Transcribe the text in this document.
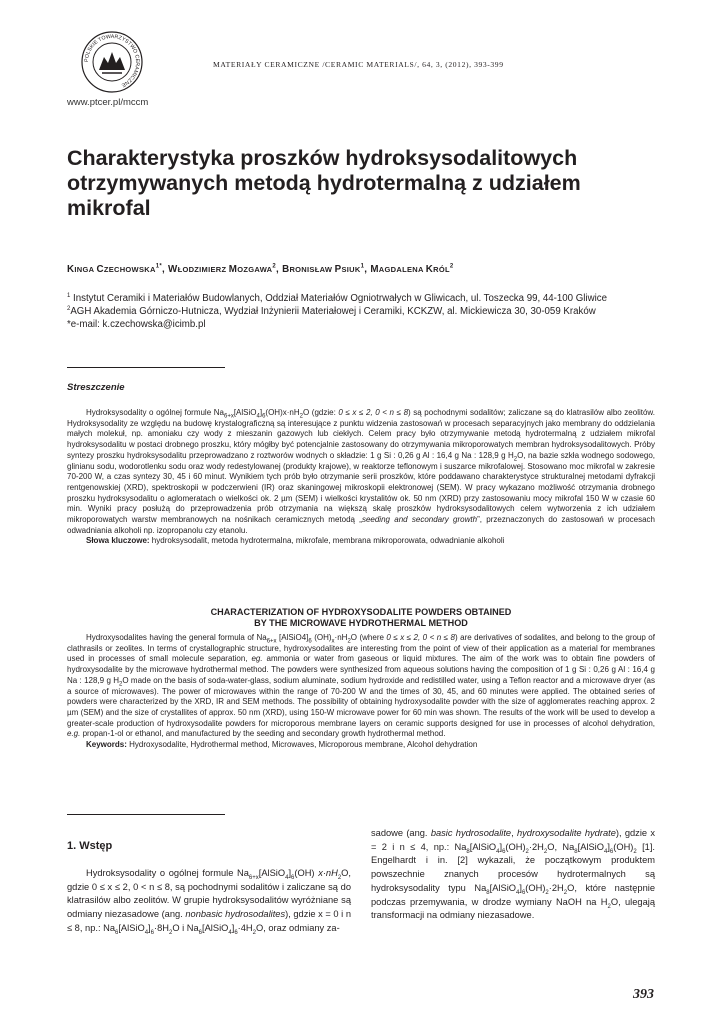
POLSKIE TOWARZYSTWO CERAMICZNE
www.ptcer.pl/mccm
MATERIAŁY CERAMICZNE /CERAMIC MATERIALS/, 64, 3, (2012), 393-399
Charakterystyka proszków hydroksysodalitowych otrzymywanych metodą hydrotermalną z udziałem mikrofal
KINGA $CZECHOWSKA^{1*}$, WŁODZIMIERZ MOZGAWA$^2$, BRONISŁAW PSIUK$^1$, MAGDALENA KRÓL$^2$

$^1$ Instytut Ceramiki i Materiałów Budowlanych, Oddział Materiałów Ogniotrwałych w Gliwicach, ul. Toszecka 99, 44-100 Gliwice

$^2$AGH Akademia Górniczo-Hutnicza, Wydział Inżynierii Materiałowej i Ceramiki, KCKZW, al. Mickiewicza 30, 30-059 Kraków

*e-mail: k.czechowska@icimb.pl

Streszczenie

Hydroksysodality o ogólnej formule $Na_{6+x}[AlSiO_4]_6(OH)x\cdot nH_2O$ (gdzie: 0 ≤ x ≤ 2, 0 < n ≤ 8) są pochodnymi sodalitów; zaliczane są do klatrasilów albo zeolitów. Hydroksysodality ze względu na budowę krystalograficzną są interesujące z punktu widzenia zastosowań w procesach separacyjnych jako membrany do oddzielania małych molekuł, np. amoniaku czy wody z mieszanin gazowych lub ciekłych. Celem pracy było otrzymywanie metodą hydrotermalną z udziałem mikrofal hydroksysodalitu w postaci drobnego proszku, który mógłby być potencjalnie zastosowany do otrzymywania mikroporowatych membran hydroksysodalitowych. Próby syntezy proszku hydroksysodalitu przeprowadzano z roztworów wodnych o składzie: 1 g Si : 0,26 g Al : 16,4 g Na : 128,9 g $H_2O$, na bazie szkła wodnego sodowego, glinianu sodu, wodorotlenku sodu oraz wody redestylowanej (produkty krajowe), w reaktorze teflonowym i suszarce mikrofalowej. Stosowano moc mikrofal w zakresie 70-200 W, a czas syntezy 30, 45 i 60 minut. Wynikiem tych prób było otrzymanie serii proszków, które poddawano charakterystyce strukturalnej metodami dyfrakcji rentgenowskiej (XRD), spektroskopii w podczerwieni (IR) oraz skaningowej mikroskopii elektronowej (SEM). W pracy wykazano możliwość otrzymania drobnego proszku hydroksysodalitu o aglomeratach o wielkości ok. 2 µm (SEM) i wielkości krystalitów ok. 50 nm (XRD) przy zastosowaniu mocy mikrofal 150 W w czasie 60 min. Wyniki pracy posłużą do przeprowadzenia prób otrzymania na większą skalę proszków hydroksysodalitowych celem wytworzenia z ich udziałem mikroporowatych warstw membranowych na nośnikach ceramicznych metodą „seeding and secondary growth”, przeznaczonych do zastosowań w procesach odwadniania alkoholi np. izopropanolu czy etanolu.

Słowa kluczowe: hydroksysodalit, metoda hydrotermalna, mikrofale, membrana mikroporowata, odwadnianie alkoholi

CHARACTERIZATION OF HYDROXYSODALITE POWDERS OBTAINED
BY THE MICROWAVE HYDROTHERMAL METHOD

Hydroxysodalites having the general formula of $Na_{6+x}$ $[AlSiO4]_6$ $(OH)_x\cdot nH_2O$ (where 0 ≤ x ≤ 2, 0 < n ≤ 8) are derivatives of sodalites, and belong to the group of clathrasils or zeolites. In terms of crystallographic structure, hydroxysodalites are interesting from the point of view of their application as a material for membranes used in processes of small molecule separation, eg. ammonia or water from gaseous or liquid mixtures. The aim of the work was to obtain fine powders of hydroxysodalite by the microwave hydrothermal method. The powders were synthesized from aqueous solutions having the composition of 1 g Si : 0,26 g Al : 16,4 g Na : 128,9 g $H_2O$ made on the basis of soda-water-glass, sodium aluminate, sodium hydroxide and redistilled water, using a Teflon reactor and a microwave dryer (as a source of microwaves). The power of microwaves within the range of 70-200 W and the times of 30, 45, and 60 minutes were applied. The obtained series of powders were characterized by the XRD, IR and SEM methods. The possibility of obtaining hydroxysodalite powder with the size of agglomerates reaching approx. 2 µm (SEM) and the size of crystallites of approx. 50 nm (XRD), using 150-W microwave power for 60 min was shown. The results of the work will be used to develop a greater-scale production of hydroxysodalite powders for microporous membrane layers on ceramic supports designed for use in processes of alcohol dehydration, e.g. propan-1-ol or ethanol, and manufactured by the seeding and secondary growth hydrothermal method.

Keywords: Hydroxysodalite, Hydrothermal method, Microwaves, Microporous membrane, Alcohol dehydration

1. Wstęp

Hydroksysodality o ogólnej formule $Na_{6+x}[AlSiO_4]_6(OH)$ $x\cdot nH_2O$, gdzie 0 ≤ x ≤ 2, 0 < n ≤ 8, są pochodnymi sodalitów i zaliczane są do klatrasilów albo zeolitów. W grupie hydroksysodalitów wyróżniane są odmiany niezasadowe (ang. nonbasic hydrosodalites), gdzie x = 0 i n ≤ 8, np.: $Na_6[AlSiO_4]_6\cdot 8H_2O$ i $Na_6[AlSiO_4]_6\cdot 4H_2O$, oraz odmiany za-

sadowe (ang. basic hydrosodalite, hydroxysodalite hydrate), gdzie x = 2 i n ≤ 4, np.: $Na_8[AlSiO_4]_6(OH)_2\cdot 2H_2O$, $Na_8[AlSiO_4]_6(OH)_2$ [1]. Engelhardt i in. [2] wykazali, że początkowym produktem powszechnie znanych procesów hydrotermalnych są hydroksysodality typu $Na_8[AlSiO_4]_6(OH)_2\cdot 2H_2O$, które następnie podczas przemywania, w drodze wymiany NaOH na $H_2O$, ulegają transformacji na odmiany niezasadowe.

393
